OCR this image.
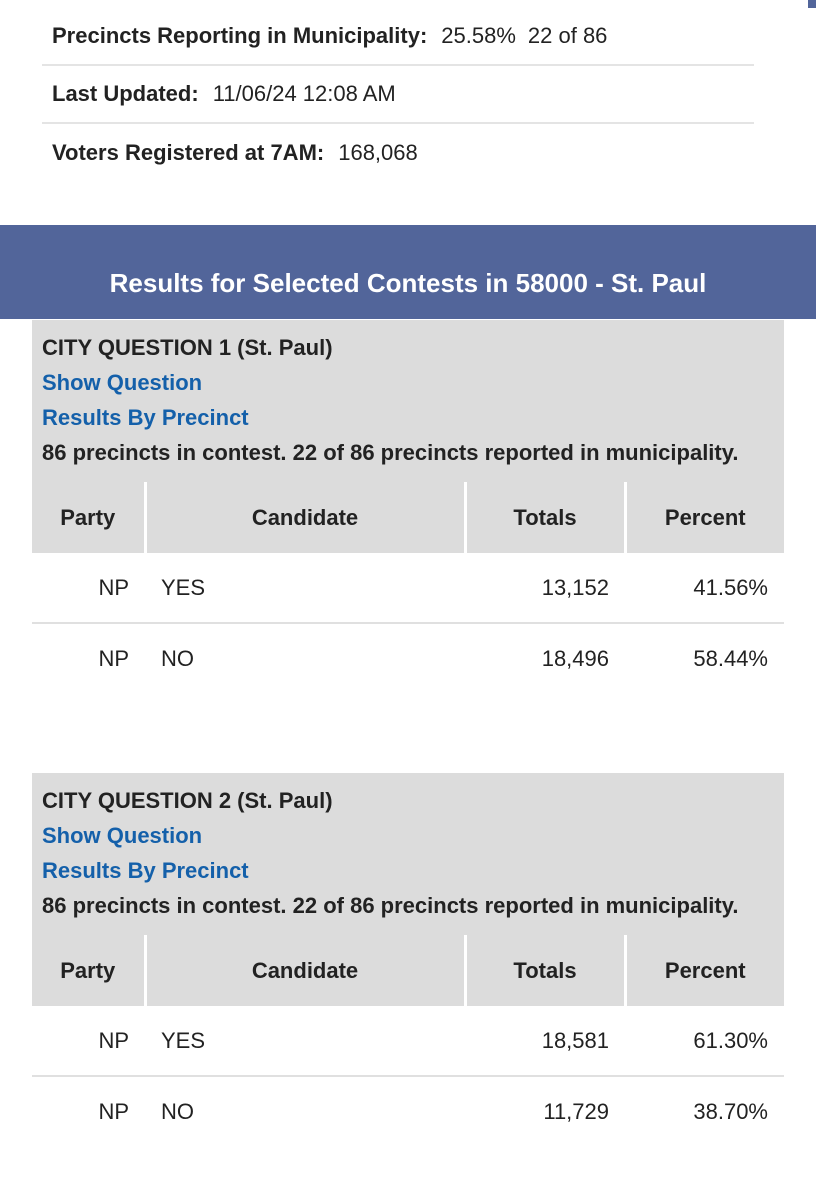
Precincts Reporting in Municipality: 25.58% 22 of 86
Last Updated: 11/06/24 12:08 AM
Voters Registered at 7AM: 168,068
Results for Selected Contests in 58000 - St. Paul
CITY QUESTION 1 (St. Paul)
Show Question
Results By Precinct
86 precincts in contest. 22 of 86 precincts reported in municipality.
Party	Candidate	Totals	Percent
NP	YES	13,152	41.56%
NP	NO	18,496	58.44%
CITY QUESTION 2 (St. Paul)
Show Question
Results By Precinct
86 precincts in contest. 22 of 86 precincts reported in municipality.
Party	Candidate	Totals	Percent
NP	YES	18,581	61.30%
NP	NO	11,729	38.70%
